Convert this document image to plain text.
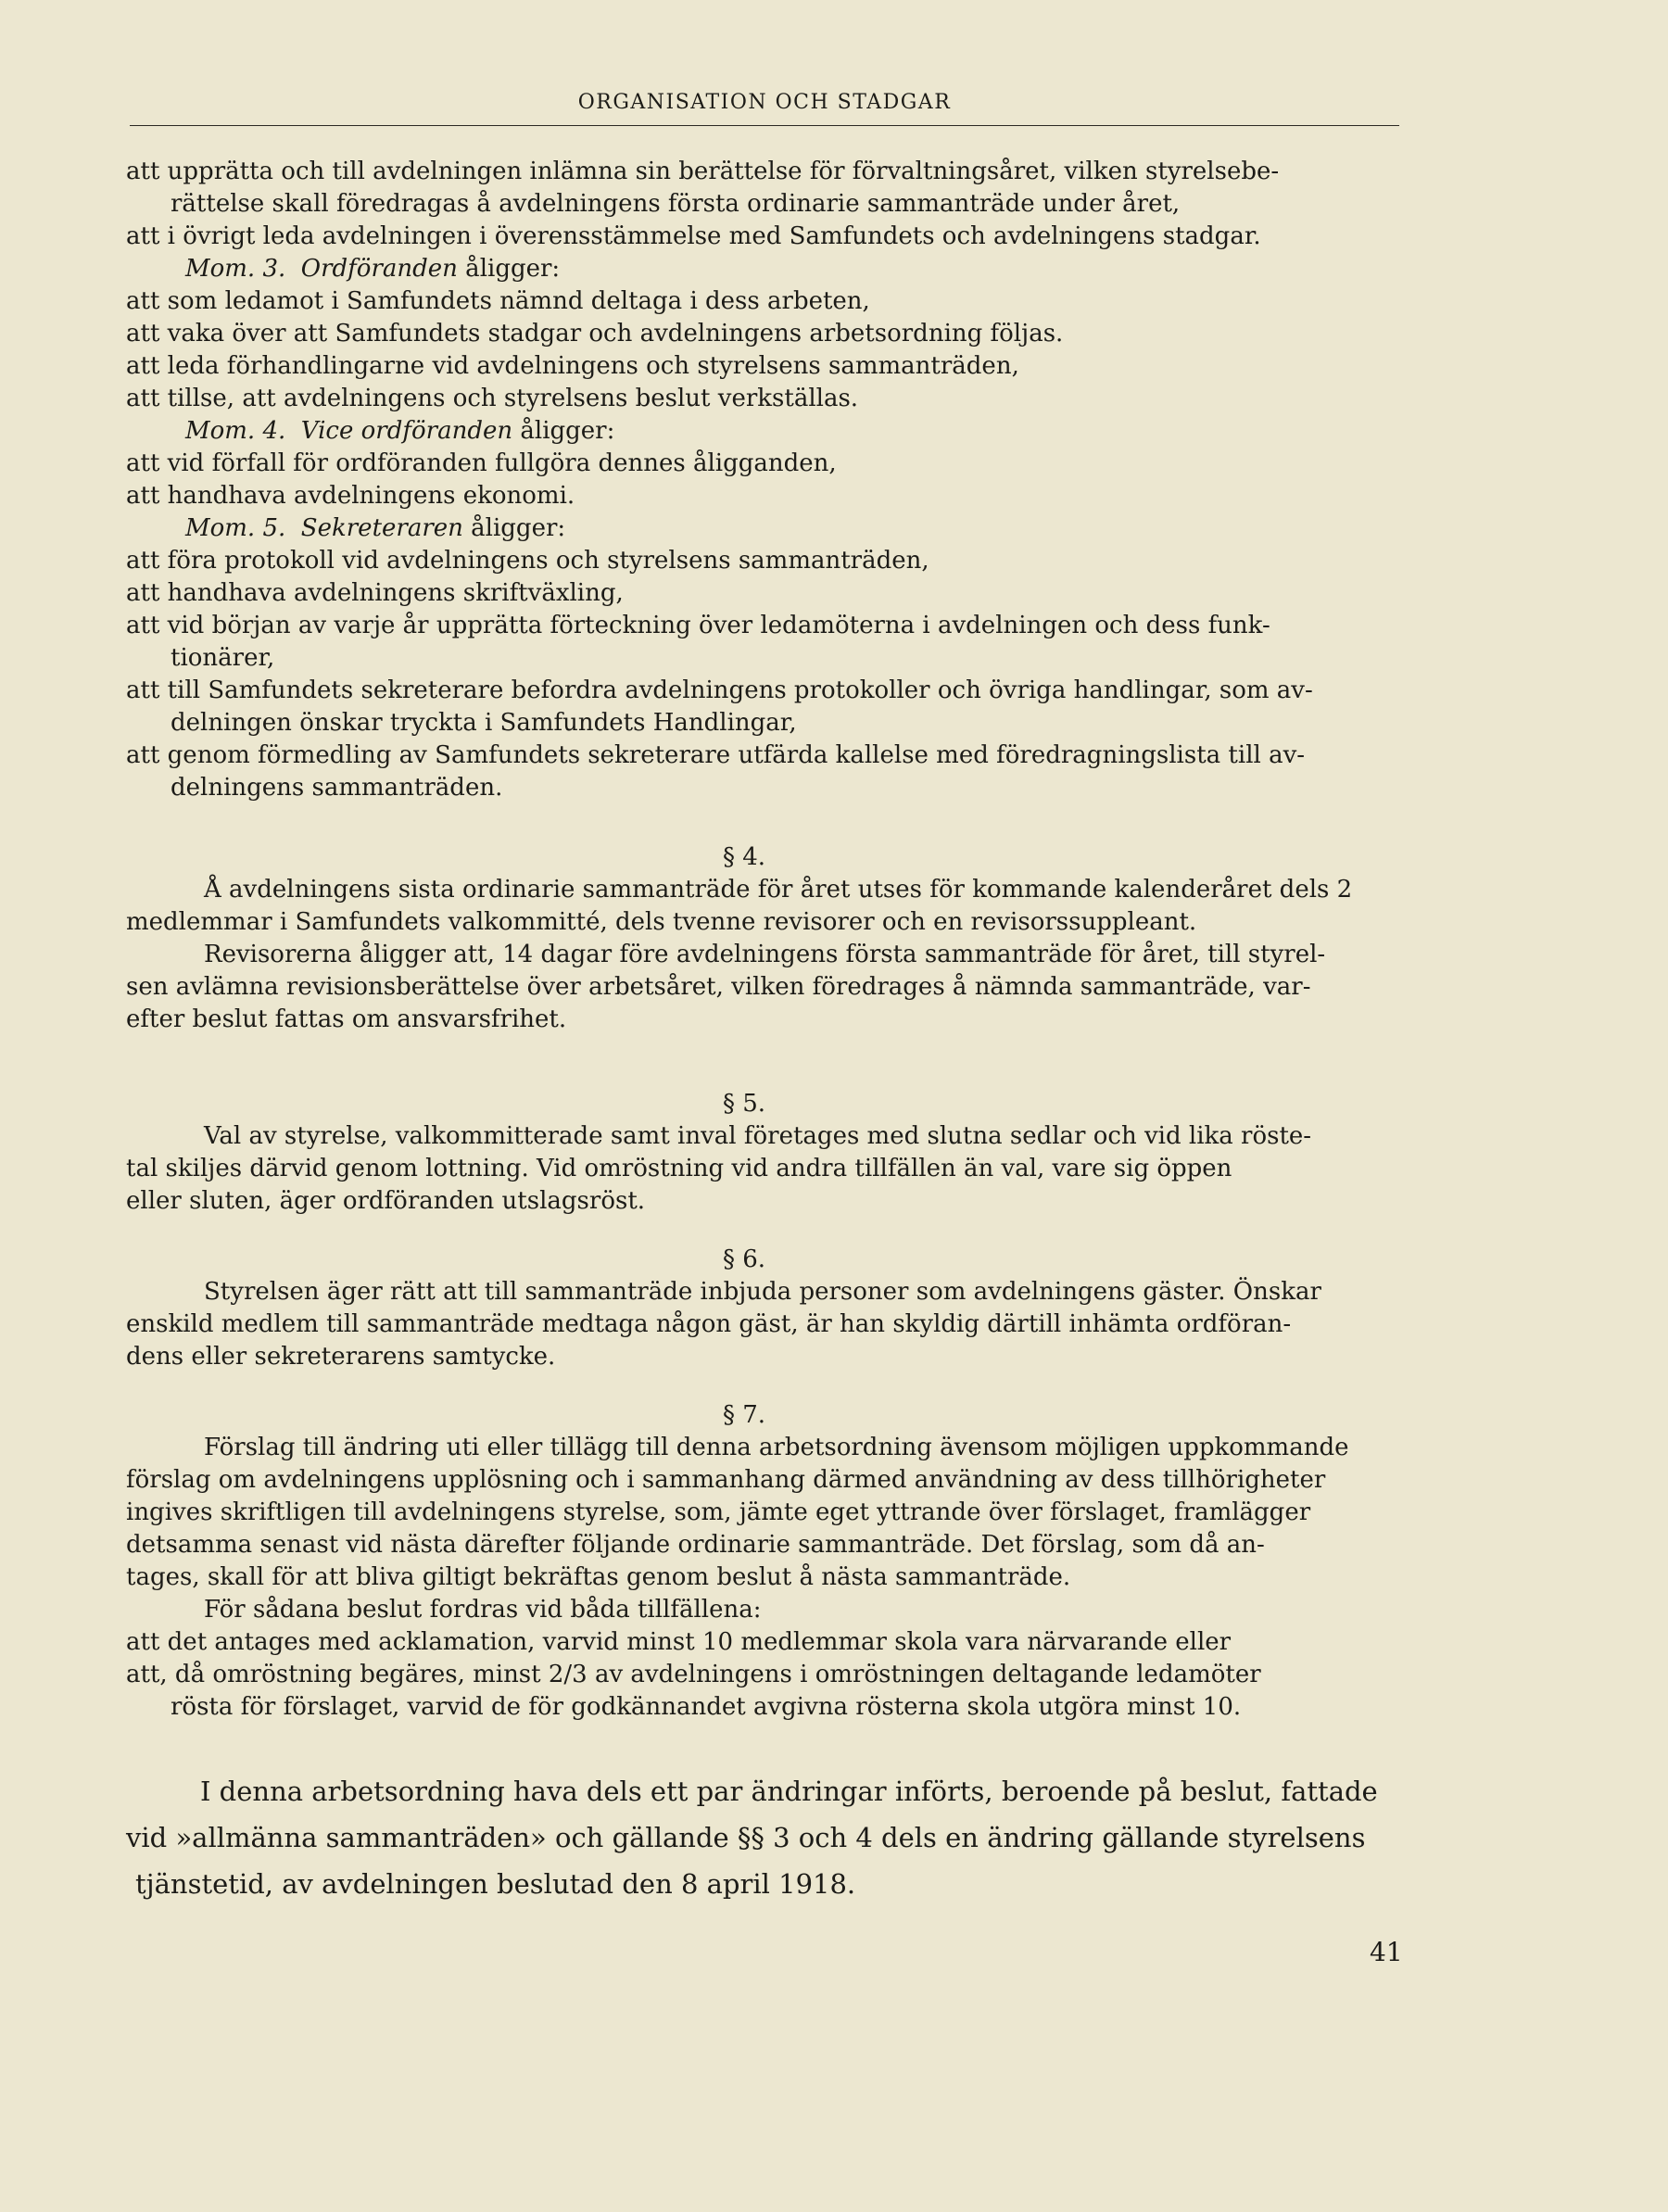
ORGANISATION OCH STADGAR
att upprätta och till avdelningen inlämna sin berättelse för förvaltningsåret, vilken styrelsebe-
rättelse skall föredragas å avdelningens första ordinarie sammanträde under året,
att i övrigt leda avdelningen i överensstämmelse med Samfundets och avdelningens stadgar.
Mom. 3. Ordföranden åligger:
att som ledamot i Samfundets nämnd deltaga i dess arbeten,
att vaka över att Samfundets stadgar och avdelningens arbetsordning följas.
att leda förhandlingarne vid avdelningens och styrelsens sammanträden,
att tillse, att avdelningens och styrelsens beslut verkställas.
Mom. 4. Vice ordföranden åligger:
att vid förfall för ordföranden fullgöra dennes åligganden,
att handhava avdelningens ekonomi.
Mom. 5. Sekreteraren åligger:
att föra protokoll vid avdelningens och styrelsens sammanträden,
att handhava avdelningens skriftväxling,
att vid början av varje år upprätta förteckning över ledamöterna i avdelningen och dess funk-
tionärer,
att till Samfundets sekreterare befordra avdelningens protokoller och övriga handlingar, som av-
delningen önskar tryckta i Samfundets Handlingar,
att genom förmedling av Samfundets sekreterare utfärda kallelse med föredragningslista till av-
delningens sammanträden.
§ 4.
Å avdelningens sista ordinarie sammanträde för året utses för kommande kalenderåret dels 2
medlemmar i Samfundets valkommitté, dels tvenne revisorer och en revisorssuppleant.
Revisorerna åligger att, 14 dagar före avdelningens första sammanträde för året, till styrel-
sen avlämna revisionsberättelse över arbetsåret, vilken föredrages å nämnda sammanträde, var-
efter beslut fattas om ansvarsfrihet.
§ 5.
Val av styrelse, valkommitterade samt inval företages med slutna sedlar och vid lika röste-
tal skiljes därvid genom lottning. Vid omröstning vid andra tillfällen än val, vare sig öppen
eller sluten, äger ordföranden utslagsröst.
§ 6.
Styrelsen äger rätt att till sammanträde inbjuda personer som avdelningens gäster. Önskar
enskild medlem till sammanträde medtaga någon gäst, är han skyldig därtill inhämta ordföran-
dens eller sekreterarens samtycke.
§ 7.
Förslag till ändring uti eller tillägg till denna arbetsordning ävensom möjligen uppkommande
förslag om avdelningens upplösning och i sammanhang därmed användning av dess tillhörigheter
ingives skriftligen till avdelningens styrelse, som, jämte eget yttrande över förslaget, framlägger
detsamma senast vid nästa därefter följande ordinarie sammanträde. Det förslag, som då an-
tages, skall för att bliva giltigt bekräftas genom beslut å nästa sammanträde.
För sådana beslut fordras vid båda tillfällena:
att det antages med acklamation, varvid minst 10 medlemmar skola vara närvarande eller
att, då omröstning begäres, minst 2/3 av avdelningens i omröstningen deltagande ledamöter
rösta för förslaget, varvid de för godkännandet avgivna rösterna skola utgöra minst 10.
I denna arbetsordning hava dels ett par ändringar införts, beroende på beslut, fattade
vid »allmänna sammanträden» och gällande §§ 3 och 4 dels en ändring gällande styrelsens
tjänstetid, av avdelningen beslutad den 8 april 1918.
41
